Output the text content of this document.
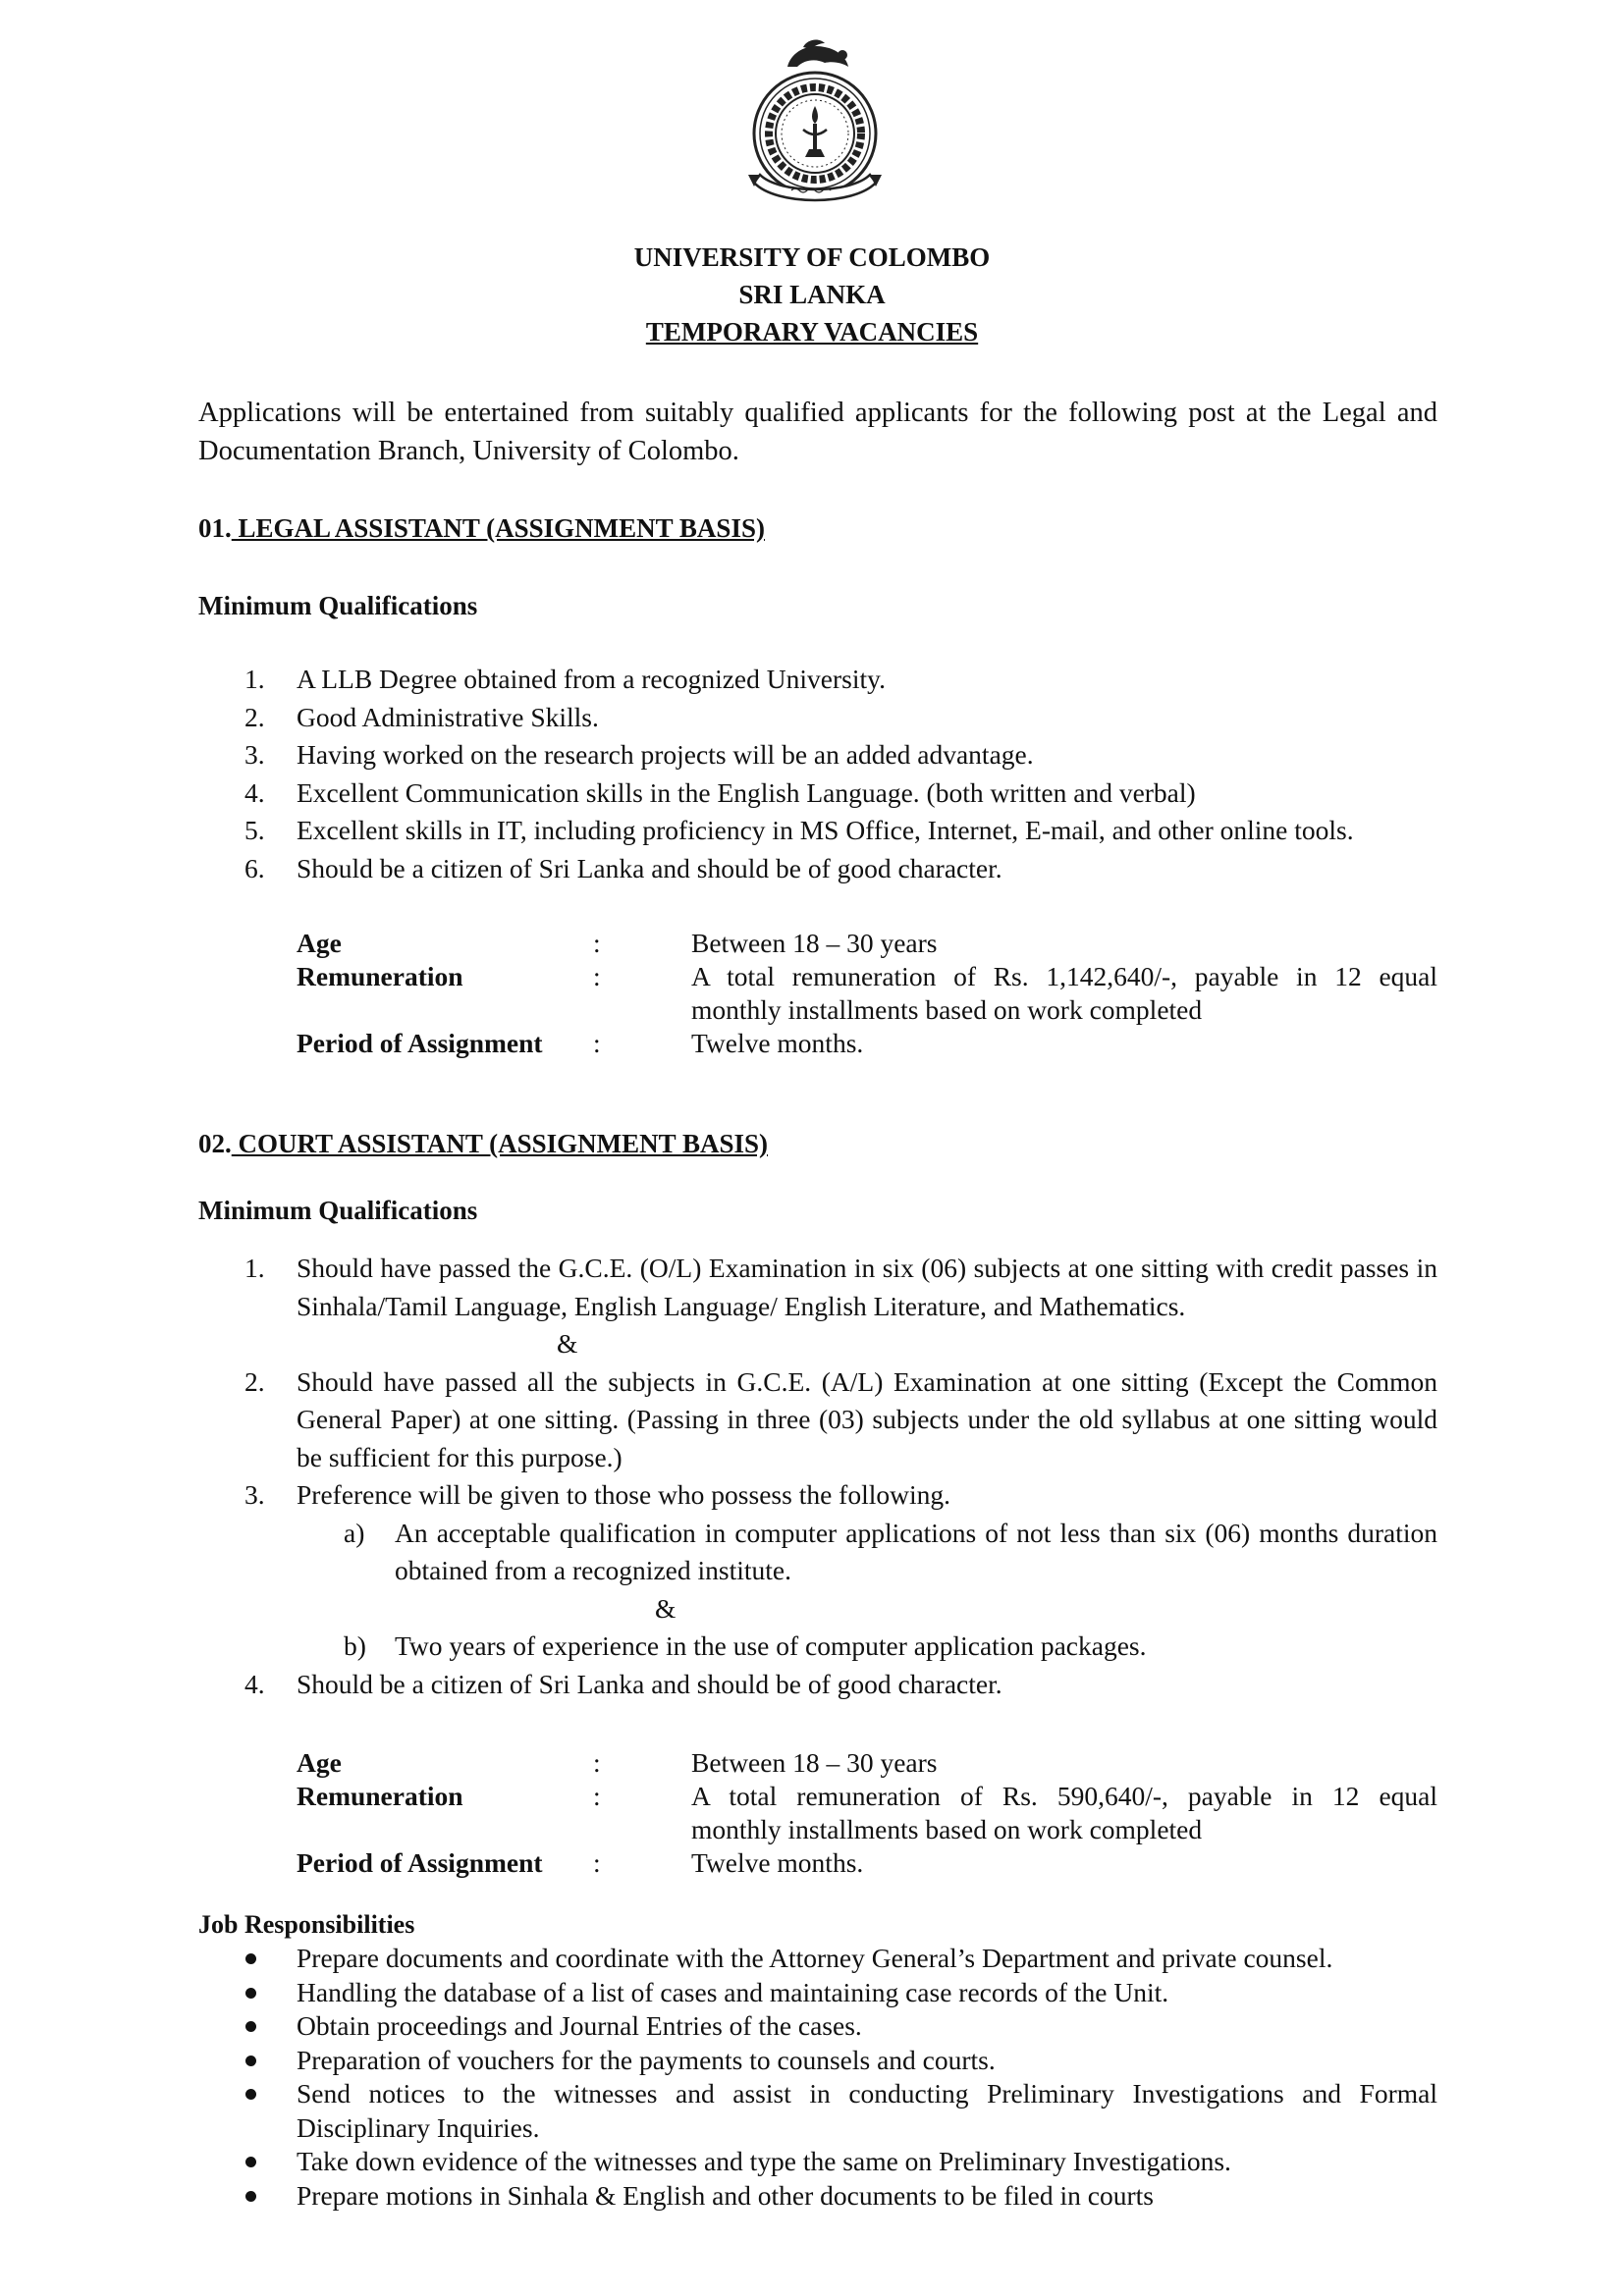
UNIVERSITY OF COLOMBO
SRI LANKA
TEMPORARY VACANCIES

Applications will be entertained from suitably qualified applicants for the following post at the Legal and Documentation Branch, University of Colombo.

01. LEGAL ASSISTANT (ASSIGNMENT BASIS)
Minimum Qualifications
1. A LLB Degree obtained from a recognized University.
2. Good Administrative Skills.
3. Having worked on the research projects will be an added advantage.
4. Excellent Communication skills in the English Language. (both written and verbal)
5. Excellent skills in IT, including proficiency in MS Office, Internet, E-mail, and other online tools.
6. Should be a citizen of Sri Lanka and should be of good character.
Age	:	Between 18 – 30 years
Remuneration	:	A total remuneration of Rs. 1,142,640/-, payable in 12 equal
monthly installments based on work completed
Period of Assignment :	Twelve months.
02. COURT ASSISTANT (ASSIGNMENT BASIS)
Minimum Qualifications
1. Should have passed the G.C.E. (O/L) Examination in six (06) subjects at one sitting with credit passes in Sinhala/Tamil Language, English Language/ English Literature, and Mathematics.
&
2. Should have passed all the subjects in G.C.E. (A/L) Examination at one sitting (Except the Common General Paper) at one sitting. (Passing in three (03) subjects under the old syllabus at one sitting would be sufficient for this purpose.)
3. Preference will be given to those who possess the following.
a) An acceptable qualification in computer applications of not less than six (06) months duration obtained from a recognized institute.
&
b) Two years of experience in the use of computer application packages.
4. Should be a citizen of Sri Lanka and should be of good character.
Age	:	Between 18 – 30 years
Remuneration	:	A total remuneration of Rs. 590,640/-, payable in 12 equal
monthly installments based on work completed
Period of Assignment :	Twelve months.
Job Responsibilities
Prepare documents and coordinate with the Attorney General’s Department and private counsel.
Handling the database of a list of cases and maintaining case records of the Unit.
Obtain proceedings and Journal Entries of the cases.
Preparation of vouchers for the payments to counsels and courts.
Send notices to the witnesses and assist in conducting Preliminary Investigations and Formal Disciplinary Inquiries.
Take down evidence of the witnesses and type the same on Preliminary Investigations.
Prepare motions in Sinhala & English and other documents to be filed in courts
